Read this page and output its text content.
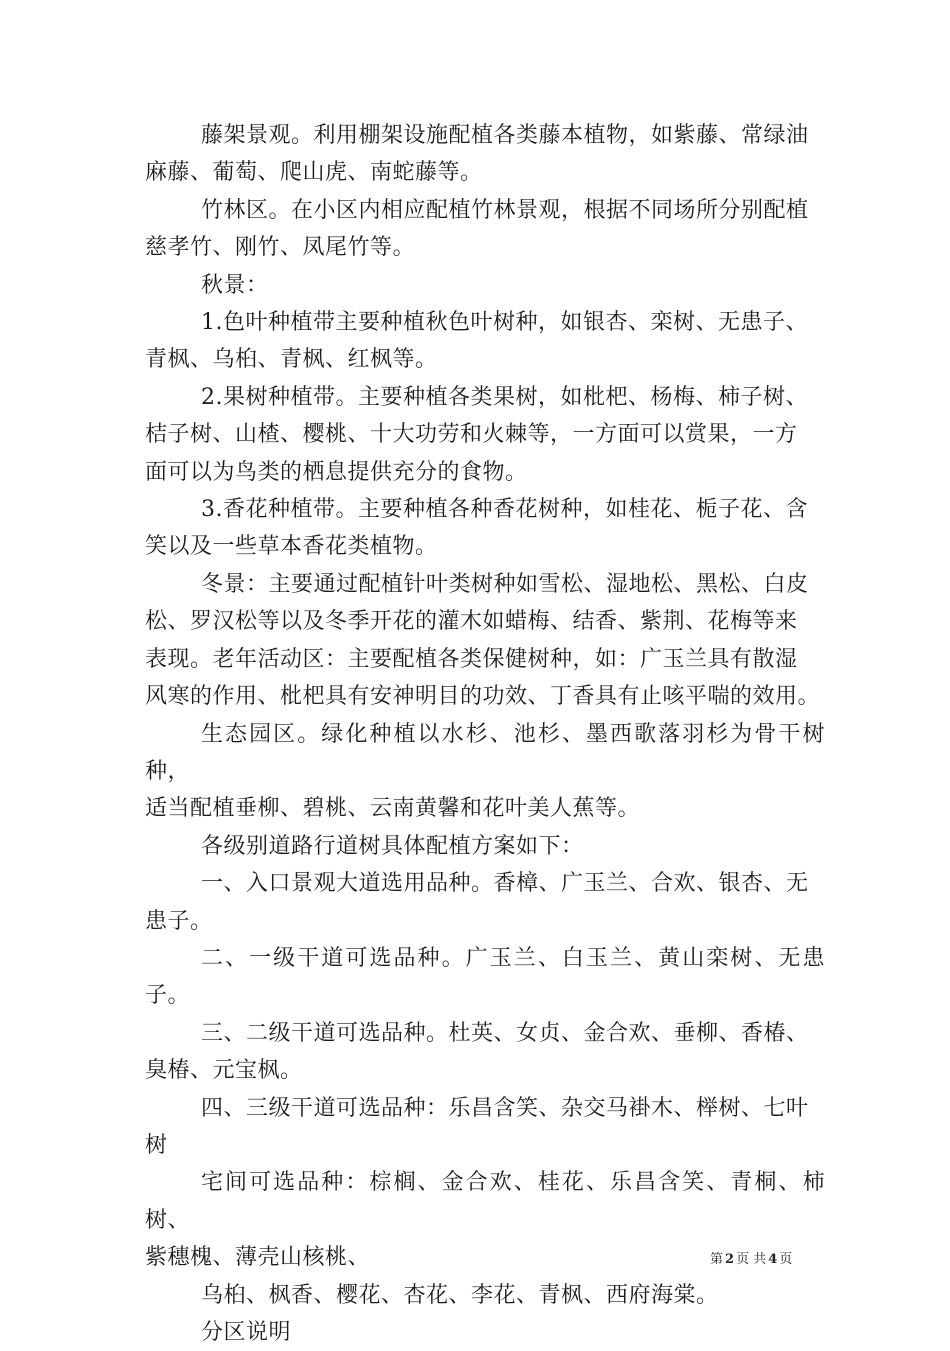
藤架景观。利用棚架设施配植各类藤本植物，如紫藤、常绿油
麻藤、葡萄、爬山虎、南蛇藤等。

竹林区。在小区内相应配植竹林景观，根据不同场所分别配植
慈孝竹、刚竹、凤尾竹等。

秋景：

1.色叶种植带主要种植秋色叶树种，如银杏、栾树、无患子、
青枫、乌桕、青枫、红枫等。

2.果树种植带。主要种植各类果树，如枇杷、杨梅、柿子树、
桔子树、山楂、樱桃、十大功劳和火棘等，一方面可以赏果，一方
面可以为鸟类的栖息提供充分的食物。

3.香花种植带。主要种植各种香花树种，如桂花、栀子花、含
笑以及一些草本香花类植物。

冬景：主要通过配植针叶类树种如雪松、湿地松、黑松、白皮
松、罗汉松等以及冬季开花的灌木如蜡梅、结香、紫荆、花梅等来
表现。老年活动区：主要配植各类保健树种，如：广玉兰具有散湿
风寒的作用、枇杷具有安神明目的功效、丁香具有止咳平喘的效用。

生态园区。绿化种植以水杉、池杉、墨西歌落羽杉为骨干树种，
适当配植垂柳、碧桃、云南黄馨和花叶美人蕉等。

各级别道路行道树具体配植方案如下：

一、入口景观大道选用品种。香樟、广玉兰、合欢、银杏、无
患子。

二、一级干道可选品种。广玉兰、白玉兰、黄山栾树、无患子。

三、二级干道可选品种。杜英、女贞、金合欢、垂柳、香椿、
臭椿、元宝枫。

四、三级干道可选品种：乐昌含笑、杂交马褂木、榉树、七叶
树

宅间可选品种：棕榈、金合欢、桂花、乐昌含笑、青桐、柿树、
紫穗槐、薄壳山核桃、

乌桕、枫香、樱花、杏花、李花、青枫、西府海棠。

分区说明

第 2 页 共 4 页
